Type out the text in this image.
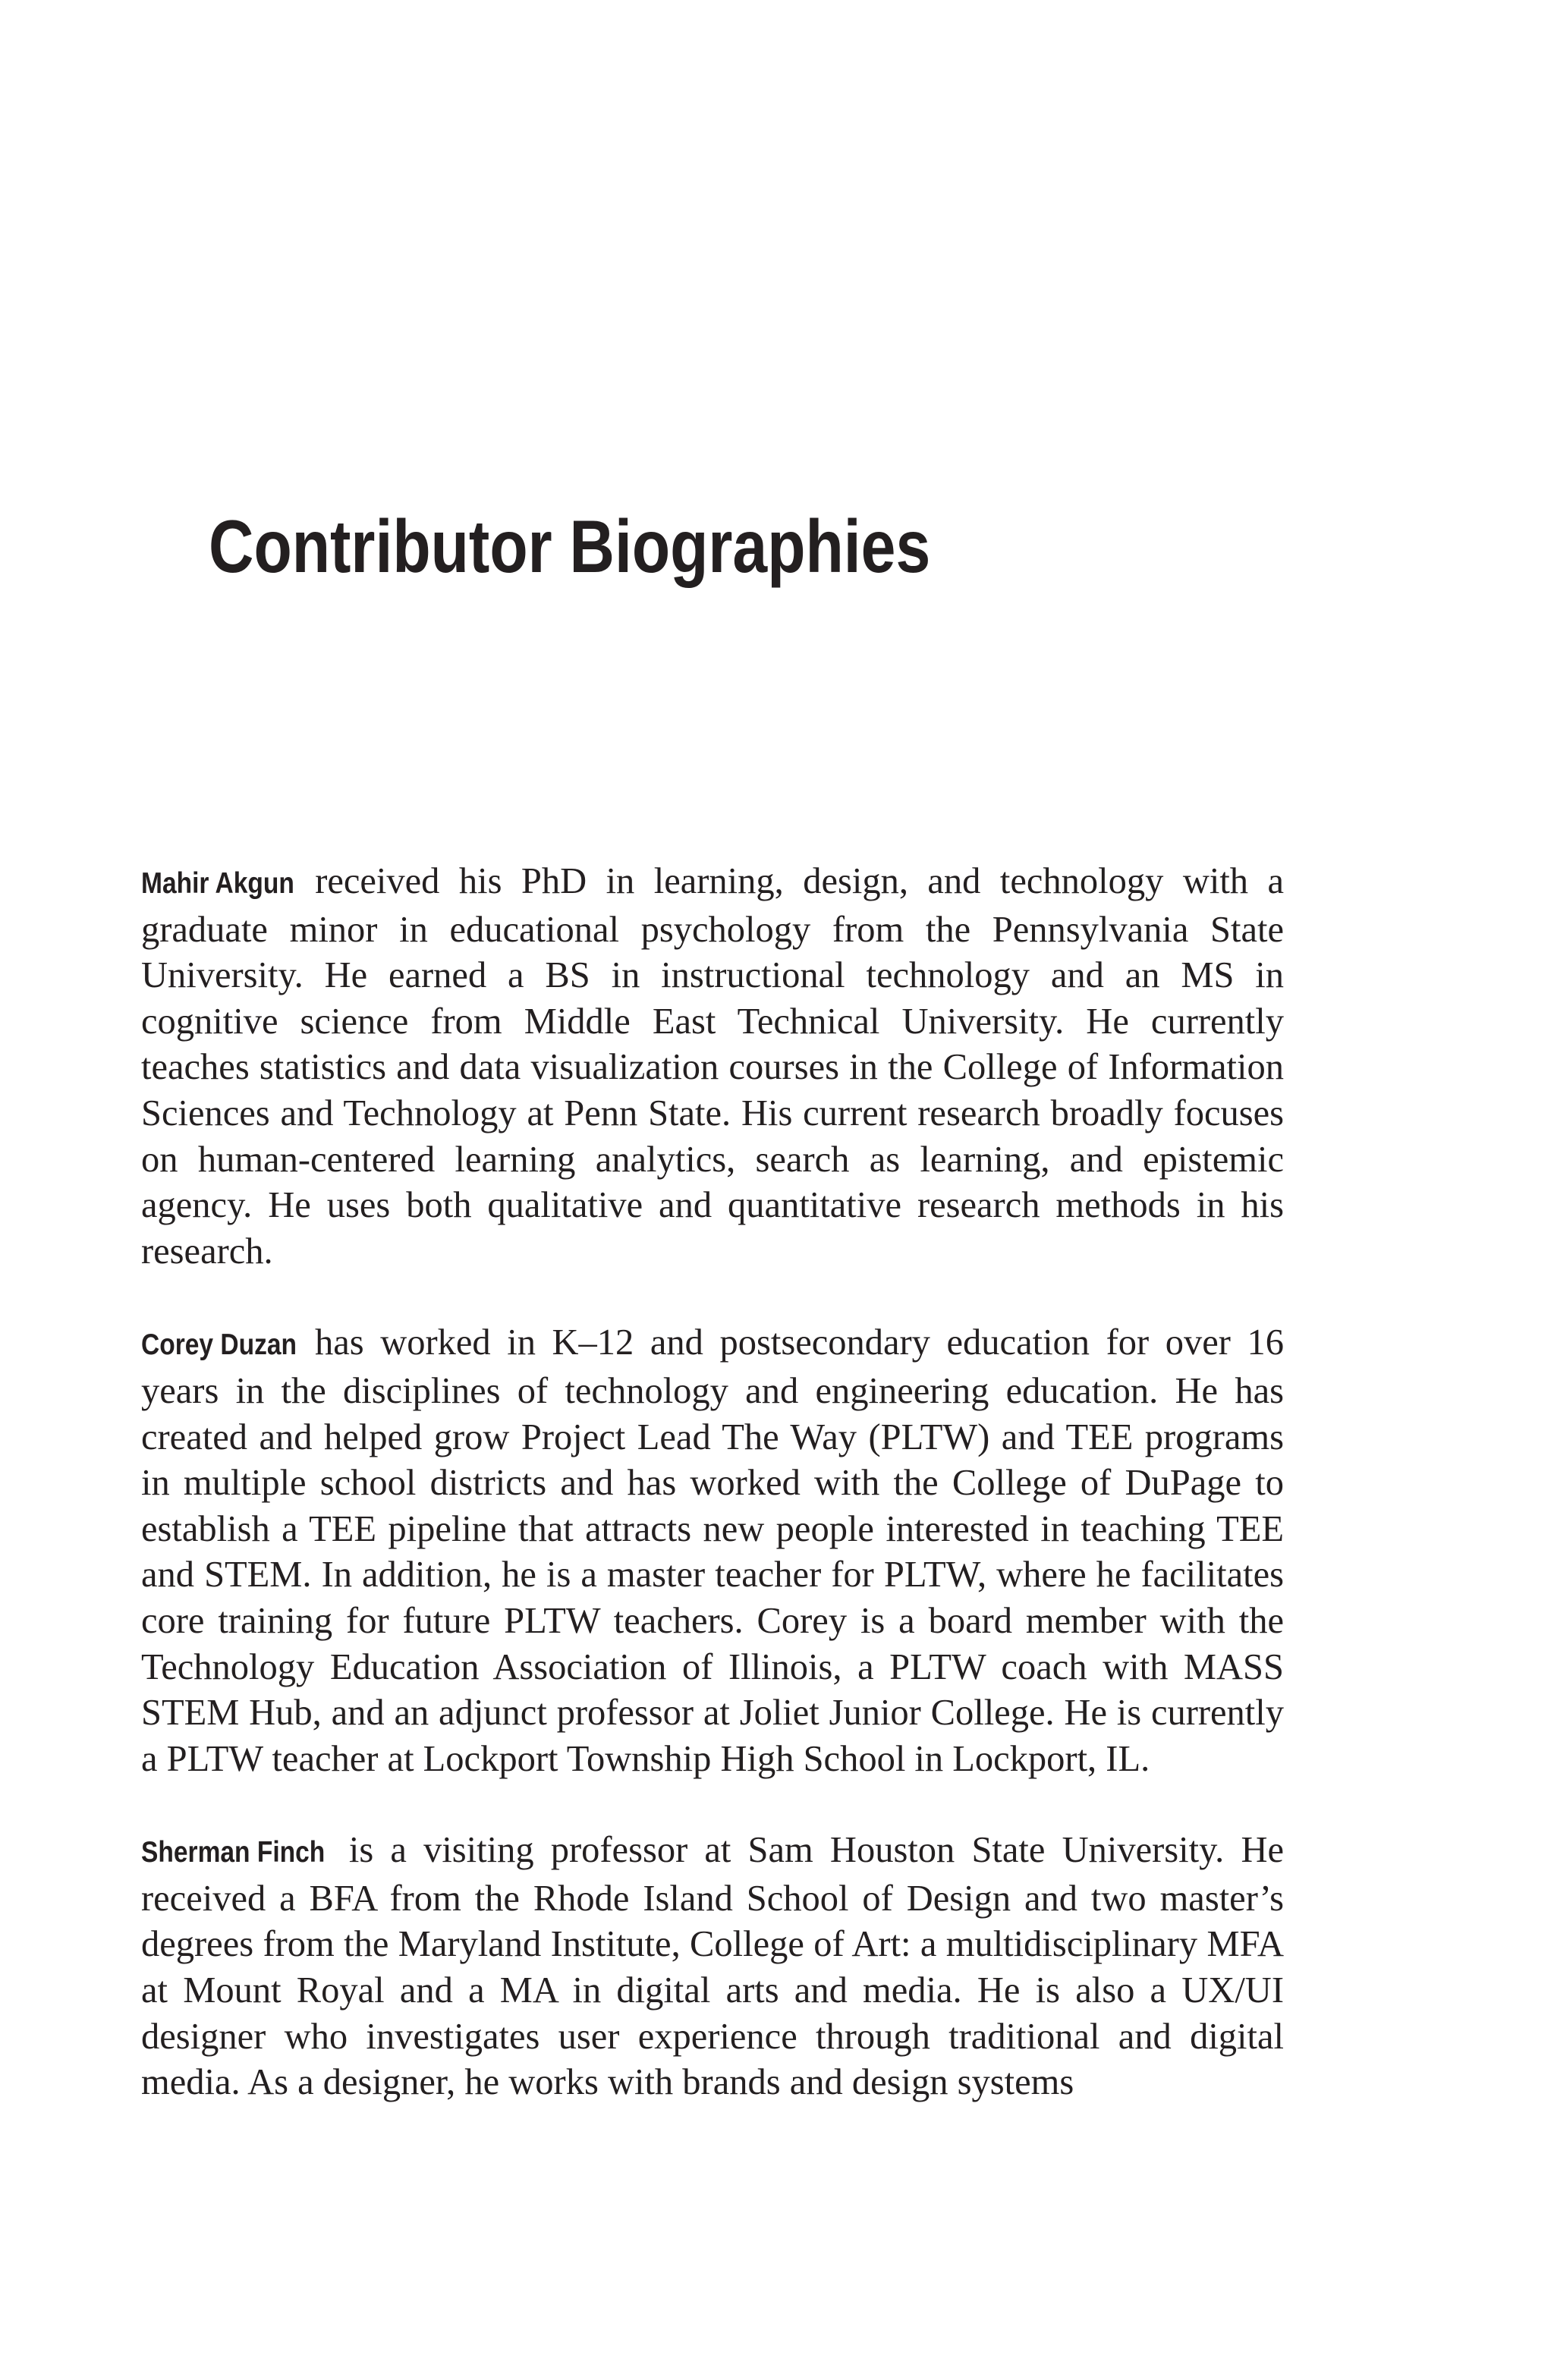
Contributor Biographies

Mahir Akgun received his PhD in learning, design, and technology with a graduate minor in educational psychology from the Pennsylvania State University. He earned a BS in instructional technology and an MS in cognitive science from Middle East Technical University. He currently teaches statistics and data visualization courses in the College of Information Sciences and Technology at Penn State. His current research broadly focuses on human-centered learning analytics, search as learning, and epistemic agency. He uses both qualitative and quantitative research methods in his research.

Corey Duzan has worked in K–12 and postsecondary education for over 16 years in the disciplines of technology and engineering education. He has created and helped grow Project Lead The Way (PLTW) and TEE programs in multiple school districts and has worked with the College of DuPage to establish a TEE pipeline that attracts new people interested in teaching TEE and STEM. In addition, he is a master teacher for PLTW, where he facilitates core training for future PLTW teachers. Corey is a board member with the Technology Education Association of Illinois, a PLTW coach with MASS STEM Hub, and an adjunct professor at Joliet Junior College. He is currently a PLTW teacher at Lockport Township High School in Lockport, IL.

Sherman Finch is a visiting professor at Sam Houston State University. He received a BFA from the Rhode Island School of Design and two master’s degrees from the Maryland Institute, College of Art: a multidisciplinary MFA at Mount Royal and a MA in digital arts and media. He is also a UX/UI designer who investigates user experience through traditional and digital media. As a designer, he works with brands and design systems
